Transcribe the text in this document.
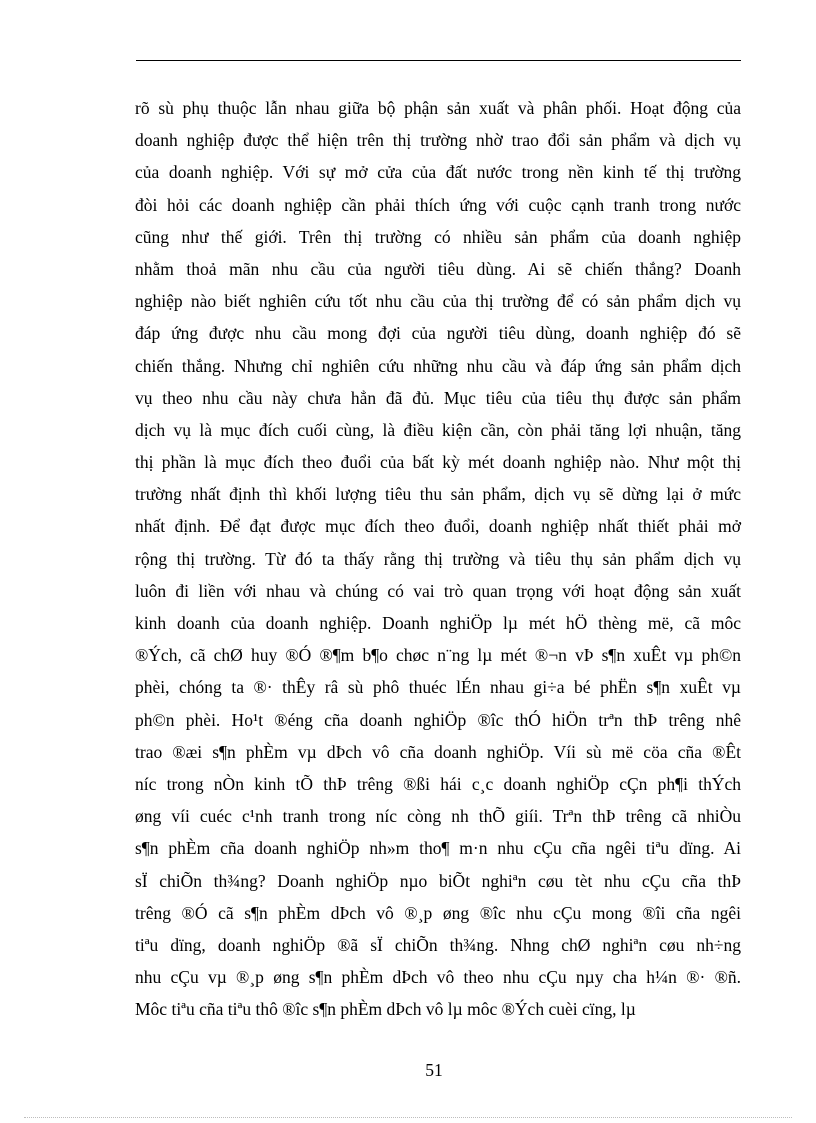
rõ sù phụ thuộc lẫn nhau giữa bộ phận sản xuất và phân phối. Hoạt động của
doanh nghiệp được thể hiện trên thị trường nhờ trao đổi sản phẩm và dịch vụ
của doanh nghiệp. Với sự mở cửa của đất nước trong nền kinh tế thị trường
đòi hỏi các doanh nghiệp cần phải thích ứng với cuộc cạnh tranh trong nước
cũng như thế giới. Trên thị trường có nhiều sản phẩm của doanh nghiệp
nhằm thoả mãn nhu cầu của người tiêu dùng. Ai sẽ chiến thắng? Doanh
nghiệp nào biết nghiên cứu tốt nhu cầu của thị trường để có sản phẩm dịch vụ
đáp ứng được nhu cầu mong đợi của người tiêu dùng, doanh nghiệp đó sẽ
chiến thắng. Nhưng chỉ nghiên cứu những nhu cầu và đáp ứng sản phẩm dịch
vụ theo nhu cầu này chưa hẳn đã đủ. Mục tiêu của tiêu thụ được sản phẩm
dịch vụ là mục đích cuối cùng, là điều kiện cần, còn phải tăng lợi nhuận, tăng
thị phần là mục đích theo đuổi của bất kỳ mét doanh nghiệp nào. Như một thị
trường nhất định thì khối lượng tiêu thu sản phẩm, dịch vụ sẽ dừng lại ở mức
nhất định. Để đạt được mục đích theo đuổi, doanh nghiệp nhất thiết phải mở
rộng thị trường. Từ đó ta thấy rằng thị trường và tiêu thụ sản phẩm dịch vụ
luôn đi liền với nhau và chúng có vai trò quan trọng với hoạt động sản xuất
kinh doanh của doanh nghiệp. Doanh nghiÖp lµ mét hÖ thèng më, cã môc
®Ých, cã chØ huy ®Ó ®¶m b¶o chøc n¨ng lµ mét ®¬n vÞ s¶n xuÊt vµ ph©n
phèi, chóng ta ®· thÊy râ sù phô thuéc lÉn nhau gi÷a bé phËn s¶n xuÊt vµ
ph©n phèi. Ho¹t ®éng cña doanh nghiÖp ®îc thÓ hiÖn trªn thÞ trêng nhê
trao ®æi s¶n phÈm vµ dÞch vô cña doanh nghiÖp. Víi sù më cöa cña ®Êt
níc trong nÒn kinh tÕ thÞ trêng ®ßi hái c¸c doanh nghiÖp cÇn ph¶i thÝch
øng víi cuéc c¹nh tranh trong níc còng nh thÕ giíi. Trªn thÞ trêng cã nhiÒu
s¶n phÈm cña doanh nghiÖp nh»m tho¶ m·n nhu cÇu cña ngêi tiªu dïng. Ai
sÏ chiÕn th¾ng? Doanh nghiÖp nµo biÕt nghiªn cøu tèt nhu cÇu cña thÞ
trêng ®Ó cã s¶n phÈm dÞch vô ®¸p øng ®îc nhu cÇu mong ®îi cña ngêi
tiªu dïng, doanh nghiÖp ®ã sÏ chiÕn th¾ng. Nhng chØ nghiªn cøu nh÷ng
nhu cÇu vµ ®¸p øng s¶n phÈm dÞch vô theo nhu cÇu nµy cha h¼n ®· ®ñ.
Môc tiªu cña tiªu thô ®îc s¶n phÈm dÞch vô lµ môc ®Ých cuèi cïng, lµ
51
